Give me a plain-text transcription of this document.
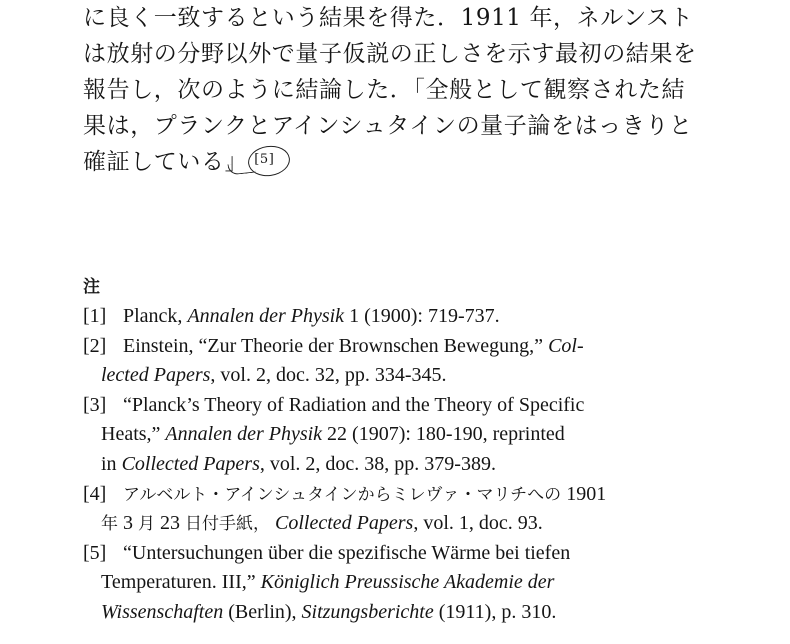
に良く一致するという結果を得た．1911 年，ネルンスト
は放射の分野以外で量子仮説の正しさを示す最初の結果を
報告し，次のように結論した．「全般として観察された結
果は，プランクとアインシュタインの量子論をはっきりと
確証している」 [5]
注
[1] Planck, Annalen der Physik 1 (1900): 719-737.
[2] Einstein, “Zur Theorie der Brownschen Bewegung,” Col-
lected Papers, vol. 2, doc. 32, pp. 334-345.
[3] “Planck’s Theory of Radiation and the Theory of Specific
Heats,” Annalen der Physik 22 (1907): 180-190, reprinted
in Collected Papers, vol. 2, doc. 38, pp. 379-389.
[4] アルベルト・アインシュタインからミレヴァ・マリチへの 1901
年 3 月 23 日付手紙， Collected Papers, vol. 1, doc. 93.
[5] “Untersuchungen über die spezifische Wärme bei tiefen
Temperaturen. III,” Königlich Preussische Akademie der
Wissenschaften (Berlin), Sitzungsberichte (1911), p. 310.
